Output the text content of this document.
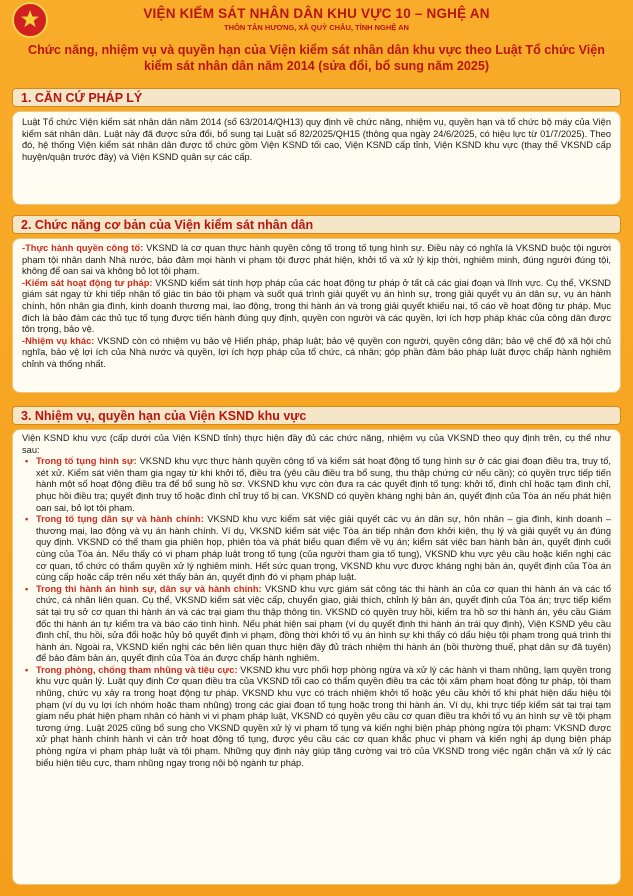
VIỆN KIỂM SÁT NHÂN DÂN KHU VỰC 10 – NGHỆ AN
THÔN TÂN HƯƠNG, XÃ QUỲ CHÂU, TỈNH NGHỆ AN
Chức năng, nhiệm vụ và quyền hạn của Viện kiểm sát nhân dân khu vực theo Luật Tổ chức Viện kiểm sát nhân dân năm 2014 (sửa đổi, bổ sung năm 2025)
1. CĂN CỨ PHÁP LÝ

Luật Tổ chức Viện kiểm sát nhân dân năm 2014 (số 63/2014/QH13) quy định về chức năng, nhiệm vụ, quyền hạn và tổ chức bộ máy của Viện kiểm sát nhân dân. Luật này đã được sửa đổi, bổ sung tại Luật số 82/2025/QH15 (thông qua ngày 24/6/2025, có hiệu lực từ 01/7/2025). Theo đó, hệ thống Viện kiểm sát nhân dân được tổ chức gồm Viện KSND tối cao, Viện KSND cấp tỉnh, Viện KSND khu vực (thay thế VKSND cấp huyện/quận trước đây) và Viện KSND quân sự các cấp.

2. Chức năng cơ bản của Viện kiểm sát nhân dân

-Thực hành quyền công tố: VKSND là cơ quan thực hành quyền công tố trong tố tụng hình sự. Điều này có nghĩa là VKSND buộc tội người phạm tội nhân danh Nhà nước, bảo đảm mọi hành vi phạm tội được phát hiện, khởi tố và xử lý kịp thời, nghiêm minh, đúng người đúng tội, không để oan sai và không bỏ lọt tội phạm.

-Kiểm sát hoạt động tư pháp: VKSND kiểm sát tính hợp pháp của các hoạt động tư pháp ở tất cả các giai đoạn và lĩnh vực. Cụ thể, VKSND giám sát ngay từ khi tiếp nhận tố giác tin báo tội phạm và suốt quá trình giải quyết vụ án hình sự, trong giải quyết vụ án dân sự, vụ án hành chính, hôn nhân gia đình, kinh doanh thương mại, lao động, trong thi hành án và trong giải quyết khiếu nại, tố cáo về hoạt động tư pháp. Mục đích là bảo đảm các thủ tục tố tụng được tiến hành đúng quy định, quyền con người và các quyền, lợi ích hợp pháp khác của công dân được tôn trọng, bảo vệ.

-Nhiệm vụ khác: VKSND còn có nhiệm vụ bảo vệ Hiến pháp, pháp luật; bảo vệ quyền con người, quyền công dân; bảo vệ chế độ xã hội chủ nghĩa, bảo vệ lợi ích của Nhà nước và quyền, lợi ích hợp pháp của tổ chức, cá nhân; góp phần đảm bảo pháp luật được chấp hành nghiêm chỉnh và thống nhất.

3. Nhiệm vụ, quyền hạn của Viện KSND khu vực

Viện KSND khu vực (cấp dưới của Viện KSND tỉnh) thực hiện đầy đủ các chức năng, nhiệm vụ của VKSND theo quy định trên, cụ thể như sau:

• Trong tố tụng hình sự: VKSND khu vực thực hành quyền công tố và kiểm sát hoạt động tố tụng hình sự ở các giai đoạn điều tra, truy tố, xét xử. Kiểm sát viên tham gia ngay từ khi khởi tố, điều tra (yêu cầu điều tra bổ sung, thu thập chứng cứ nếu cần); có quyền trực tiếp tiến hành một số hoạt động điều tra để bổ sung hồ sơ. VKSND khu vực còn đưa ra các quyết định tố tụng: khởi tố, đình chỉ hoặc tạm đình chỉ, phục hồi điều tra; quyết định truy tố hoặc đình chỉ truy tố bị can. VKSND có quyền kháng nghị bản án, quyết định của Tòa án nếu phát hiện oan sai, bỏ lọt tội phạm.
• Trong tố tụng dân sự và hành chính: VKSND khu vực kiểm sát việc giải quyết các vụ án dân sự, hôn nhân – gia đình, kinh doanh – thương mại, lao động và vụ án hành chính. Ví dụ, VKSND kiểm sát việc Tòa án tiếp nhận đơn khởi kiện, thụ lý và giải quyết vụ án đúng quy định. VKSND có thể tham gia phiên họp, phiên tòa và phát biểu quan điểm về vụ án; kiểm sát việc ban hành bản án, quyết định cuối cùng của Tòa án. Nếu thấy có vi phạm pháp luật trong tố tụng (của người tham gia tố tụng), VKSND khu vực yêu cầu hoặc kiến nghị các cơ quan, tổ chức có thẩm quyền xử lý nghiêm minh. Hết sức quan trọng, VKSND khu vực được kháng nghị bản án, quyết định của Tòa án cùng cấp hoặc cấp trên nếu xét thấy bản án, quyết định đó vi phạm pháp luật.
• Trong thi hành án hình sự, dân sự và hành chính: VKSND khu vực giám sát công tác thi hành án của cơ quan thi hành án và các tổ chức, cá nhân liên quan. Cụ thể, VKSND kiểm sát việc cấp, chuyển giao, giải thích, chỉnh lý bản án, quyết định của Tòa án; trực tiếp kiểm sát tại trụ sở cơ quan thi hành án và các trại giam thu thập thông tin. VKSND có quyền truy hồi, kiểm tra hồ sơ thi hành án, yêu cầu Giám đốc thi hành án tự kiểm tra và báo cáo tình hình. Nếu phát hiện sai phạm (ví dụ quyết định thi hành án trái quy định), Viện KSND yêu cầu đình chỉ, thu hồi, sửa đổi hoặc hủy bỏ quyết định vi phạm, đồng thời khởi tố vụ án hình sự khi thấy có dấu hiệu tội phạm trong quá trình thi hành án. Ngoài ra, VKSND kiến nghị các bên liên quan thực hiện đầy đủ trách nhiệm thi hành án (bồi thường thuế, phạt dân sự đã tuyên) để bảo đảm bản án, quyết định của Tòa án được chấp hành nghiêm.
• Trong phòng, chống tham nhũng và tiêu cực: VKSND khu vực phối hợp phòng ngừa và xử lý các hành vi tham nhũng, lạm quyền trong khu vực quản lý. Luật quy định Cơ quan điều tra của VKSND tối cao có thẩm quyền điều tra các tội xâm phạm hoạt động tư pháp, tội tham nhũng, chức vụ xảy ra trong hoạt động tư pháp. VKSND khu vực có trách nhiệm khởi tố hoặc yêu cầu khởi tố khi phát hiện dấu hiệu tội phạm (ví dụ vụ lợi ích nhóm hoặc tham nhũng) trong các giai đoạn tố tụng hoặc trong thi hành án. Ví dụ, khi trực tiếp kiểm sát tại trại tạm giam nếu phát hiện phạm nhân có hành vi vi phạm pháp luật, VKSND có quyền yêu cầu cơ quan điều tra khởi tố vụ án hình sự về tội phạm tương ứng. Luật 2025 cũng bổ sung cho VKSND quyền xử lý vi phạm tố tụng và kiến nghị biện pháp phòng ngừa tội phạm: VKSND được xử phạt hành chính hành vi cản trở hoạt động tố tụng, được yêu cầu các cơ quan khắc phục vi phạm và kiến nghị áp dụng biện pháp phòng ngừa vi phạm pháp luật và tội phạm. Những quy định này giúp tăng cường vai trò của VKSND trong việc ngăn chặn và xử lý các biểu hiện tiêu cực, tham nhũng ngay trong nội bộ ngành tư pháp.
